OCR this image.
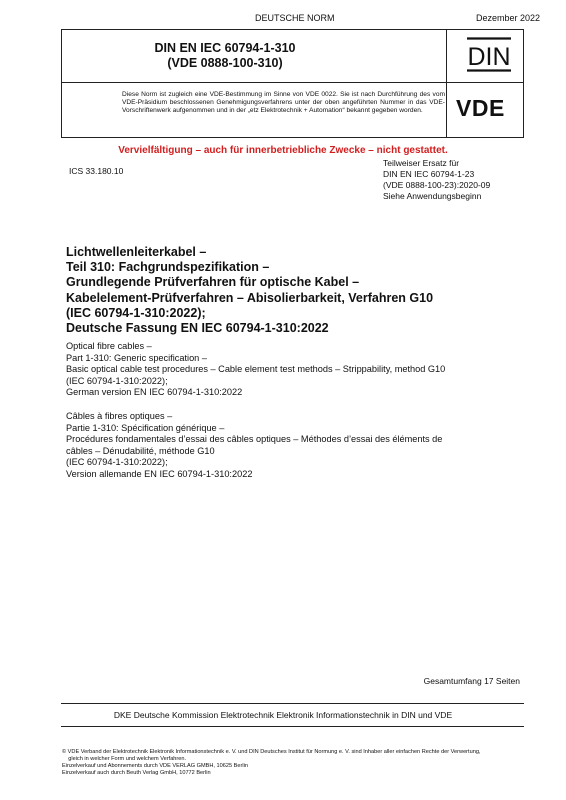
DEUTSCHE NORM	Dezember 2022
DIN EN IEC 60794-1-310
(VDE 0888-100-310)	DIN
Diese Norm ist zugleich eine VDE-Bestimmung im Sinne von VDE 0022. Sie ist nach Durchführung des vom VDE-Präsidium beschlossenen Genehmigungsverfahrens unter der oben angeführten Nummer in das VDE-Vorschriftenwerk aufgenommen und in der „etz Elektrotechnik + Automation“ bekannt gegeben worden.	VDE
Vervielfältigung – auch für innerbetriebliche Zwecke – nicht gestattet.
ICS 33.180.10
Teilweiser Ersatz für
DIN EN IEC 60794-1-23
(VDE 0888-100-23):2020-09
Siehe Anwendungsbeginn
Lichtwellenleiterkabel –
Teil 310: Fachgrundspezifikation –
Grundlegende Prüfverfahren für optische Kabel –
Kabelelement-Prüfverfahren – Abisolierbarkeit, Verfahren G10
(IEC 60794-1-310:2022);
Deutsche Fassung EN IEC 60794-1-310:2022
Optical fibre cables –
Part 1-310: Generic specification –
Basic optical cable test procedures – Cable element test methods – Strippability, method G10
(IEC 60794-1-310:2022);
German version EN IEC 60794-1-310:2022
Câbles à fibres optiques –
Partie 1-310: Spécification générique –
Procédures fondamentales d’essai des câbles optiques – Méthodes d’essai des éléments de
câbles – Dénudabilité, méthode G10
(IEC 60794-1-310:2022);
Version allemande EN IEC 60794-1-310:2022
Gesamtumfang 17 Seiten
DKE Deutsche Kommission Elektrotechnik Elektronik Informationstechnik in DIN und VDE
© VDE Verband der Elektrotechnik Elektronik Informationstechnik e. V. und DIN Deutsches Institut für Normung e. V. sind Inhaber aller einfachen Rechte der Verwertung,
gleich in welcher Form und welchem Verfahren.
Einzelverkauf und Abonnements durch VDE VERLAG GMBH, 10625 Berlin
Einzelverkauf auch durch Beuth Verlag GmbH, 10772 Berlin
